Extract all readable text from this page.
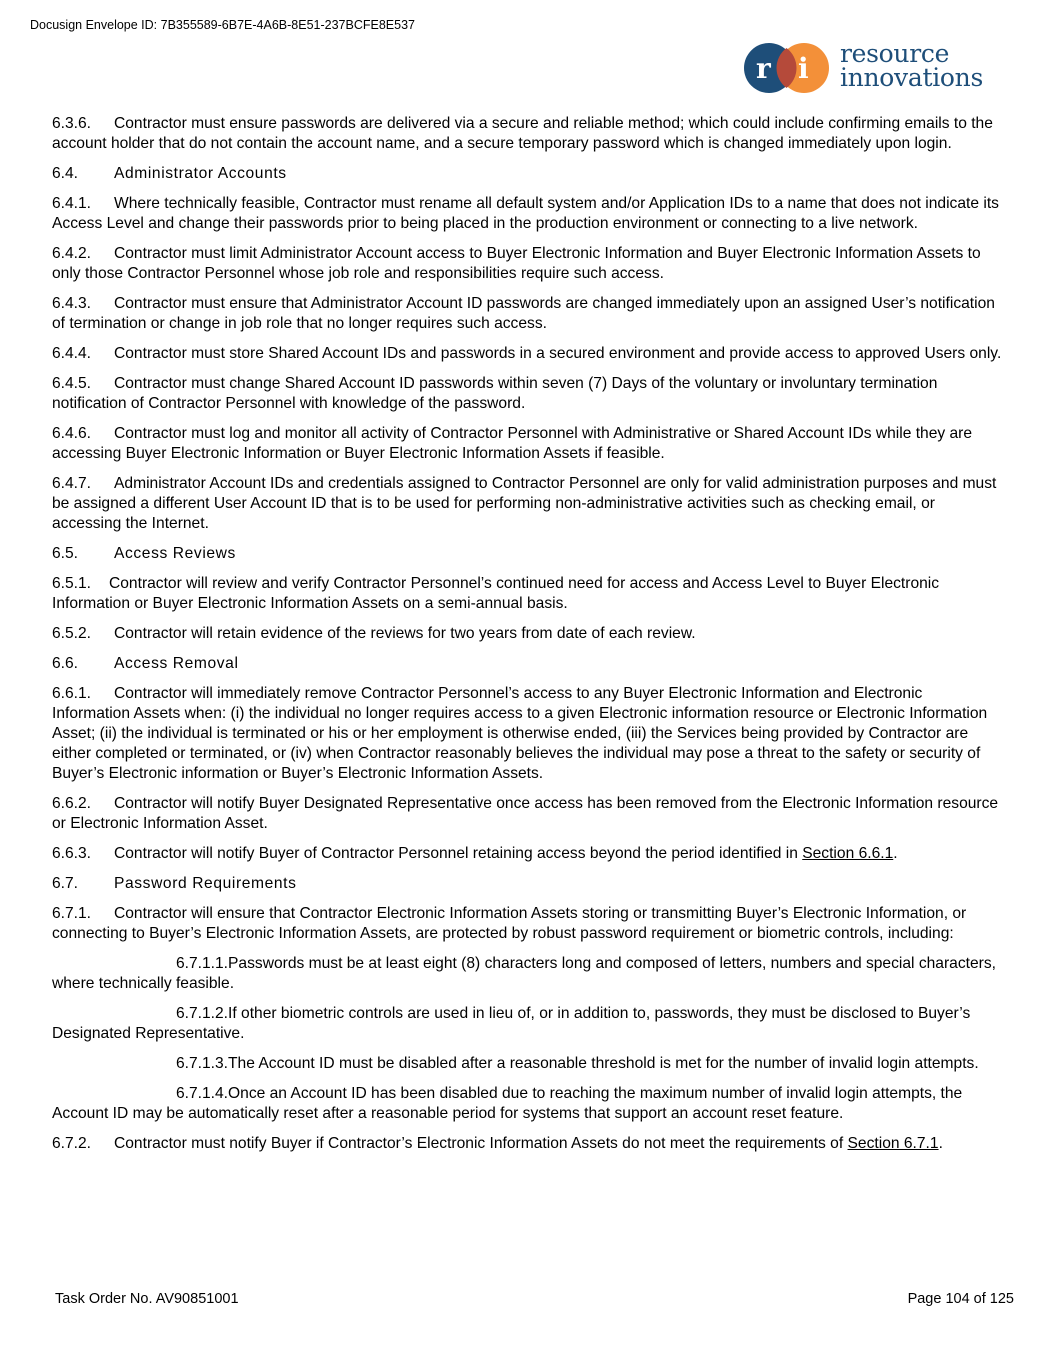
Docusign Envelope ID: 7B355589-6B7E-4A6B-8E51-237BCFE8E537
r i resource
innovations

6.3.6. Contractor must ensure passwords are delivered via a secure and reliable method; which could include confirming emails to the account holder that do not contain the account name, and a secure temporary password which is changed immediately upon login.

6.4. Administrator Accounts

6.4.1. Where technically feasible, Contractor must rename all default system and/or Application IDs to a name that does not indicate its Access Level and change their passwords prior to being placed in the production environment or connecting to a live network.

6.4.2. Contractor must limit Administrator Account access to Buyer Electronic Information and Buyer Electronic Information Assets to only those Contractor Personnel whose job role and responsibilities require such access.

6.4.3. Contractor must ensure that Administrator Account ID passwords are changed immediately upon an assigned User’s notification of termination or change in job role that no longer requires such access.

6.4.4. Contractor must store Shared Account IDs and passwords in a secured environment and provide access to approved Users only.

6.4.5. Contractor must change Shared Account ID passwords within seven (7) Days of the voluntary or involuntary termination notification of Contractor Personnel with knowledge of the password.

6.4.6. Contractor must log and monitor all activity of Contractor Personnel with Administrative or Shared Account IDs while they are accessing Buyer Electronic Information or Buyer Electronic Information Assets if feasible.

6.4.7. Administrator Account IDs and credentials assigned to Contractor Personnel are only for valid administration purposes and must be assigned a different User Account ID that is to be used for performing non-administrative activities such as checking email, or accessing the Internet.

6.5. Access Reviews

6.5.1. Contractor will review and verify Contractor Personnel’s continued need for access and Access Level to Buyer Electronic Information or Buyer Electronic Information Assets on a semi-annual basis.

6.5.2. Contractor will retain evidence of the reviews for two years from date of each review.

6.6. Access Removal

6.6.1. Contractor will immediately remove Contractor Personnel’s access to any Buyer Electronic Information and Electronic Information Assets when: (i) the individual no longer requires access to a given Electronic information resource or Electronic Information Asset; (ii) the individual is terminated or his or her employment is otherwise ended, (iii) the Services being provided by Contractor are either completed or terminated, or (iv) when Contractor reasonably believes the individual may pose a threat to the safety or security of Buyer’s Electronic information or Buyer’s Electronic Information Assets.

6.6.2. Contractor will notify Buyer Designated Representative once access has been removed from the Electronic Information resource or Electronic Information Asset.

6.6.3. Contractor will notify Buyer of Contractor Personnel retaining access beyond the period identified in Section 6.6.1.

6.7. Password Requirements

6.7.1. Contractor will ensure that Contractor Electronic Information Assets storing or transmitting Buyer’s Electronic Information, or connecting to Buyer’s Electronic Information Assets, are protected by robust password requirement or biometric controls, including:

6.7.1.1.Passwords must be at least eight (8) characters long and composed of letters, numbers and special characters, where technically feasible.

6.7.1.2.If other biometric controls are used in lieu of, or in addition to, passwords, they must be disclosed to Buyer’s Designated Representative.

6.7.1.3.The Account ID must be disabled after a reasonable threshold is met for the number of invalid login attempts.

6.7.1.4.Once an Account ID has been disabled due to reaching the maximum number of invalid login attempts, the Account ID may be automatically reset after a reasonable period for systems that support an account reset feature.

6.7.2. Contractor must notify Buyer if Contractor’s Electronic Information Assets do not meet the requirements of Section 6.7.1.

Task Order No. AV90851001	Page 104 of 125
